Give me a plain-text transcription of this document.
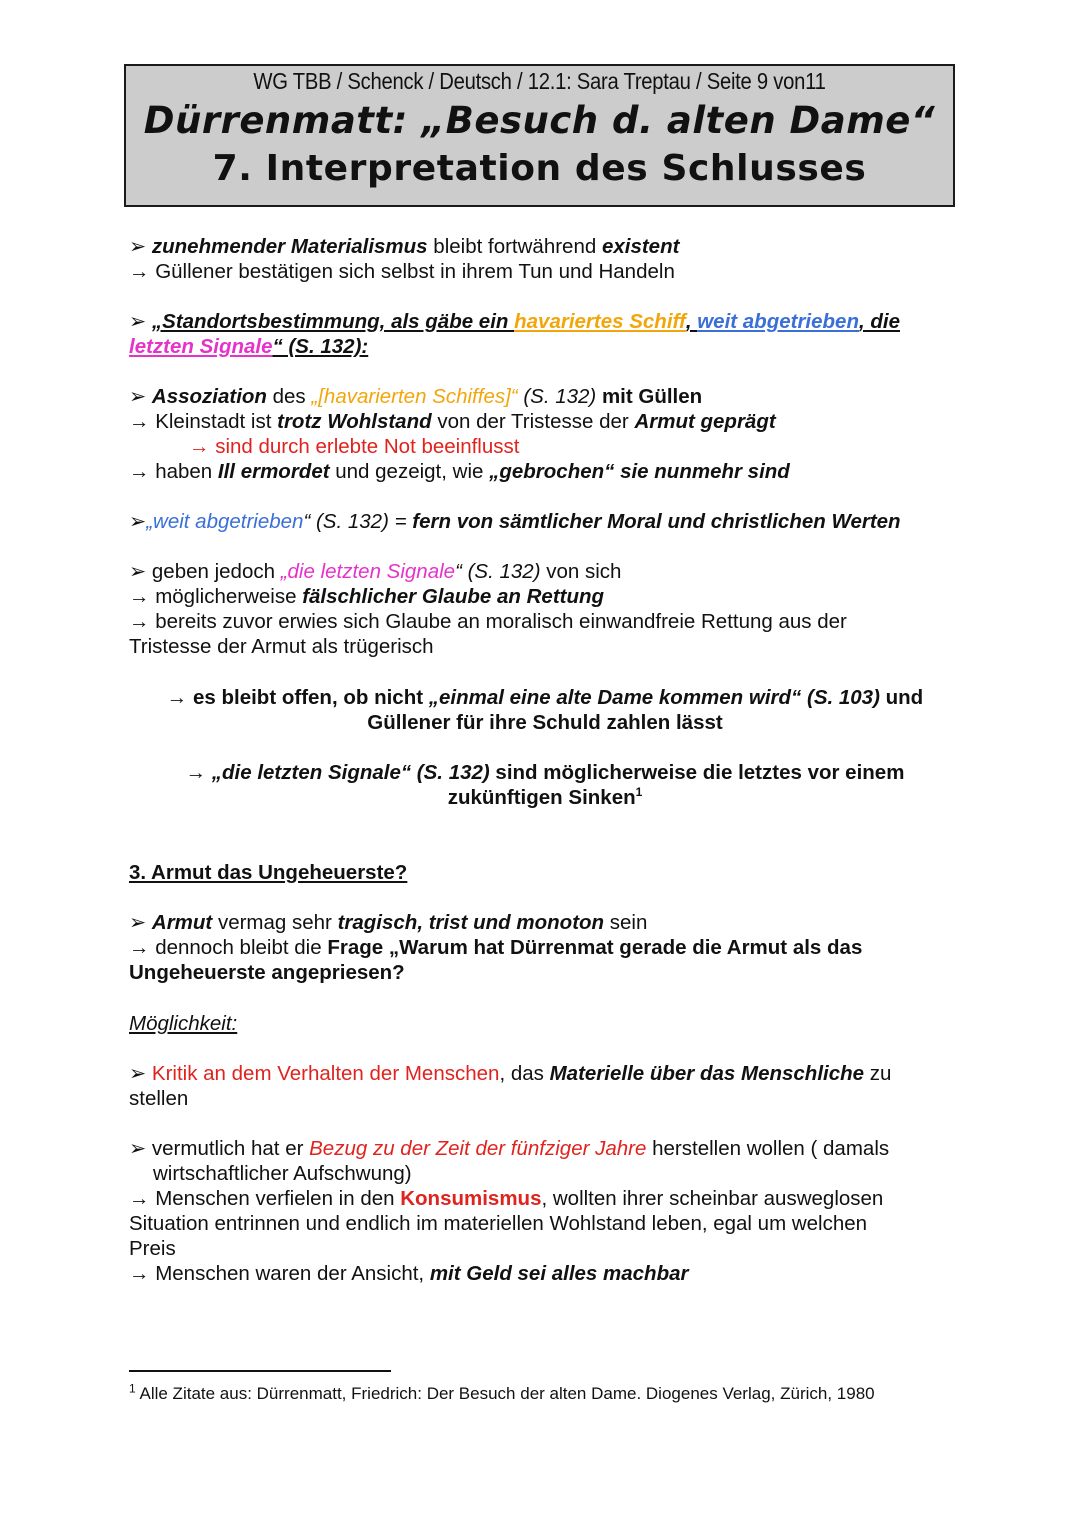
WG TBB / Schenck / Deutsch / 12.1: Sara Treptau / Seite 9 von11
Dürrenmatt: „Besuch d. alten Dame“
7. Interpretation des Schlusses
➢ zunehmender Materialismus bleibt fortwährend existent
→ Güllener bestätigen sich selbst in ihrem Tun und Handeln
➢ „Standortsbestimmung, als gäbe ein havariertes Schiff, weit abgetrieben, die
letzten Signale“ (S. 132):
➢ Assoziation des „[havarierten Schiffes]“ (S. 132) mit Güllen
→ Kleinstadt ist trotz Wohlstand von der Tristesse der Armut geprägt
→ sind durch erlebte Not beeinflusst
→ haben Ill ermordet und gezeigt, wie „gebrochen“ sie nunmehr sind
➢„weit abgetrieben“ (S. 132) = fern von sämtlicher Moral und christlichen Werten
➢ geben jedoch „die letzten Signale“ (S. 132) von sich
→ möglicherweise fälschlicher Glaube an Rettung
→ bereits zuvor erwies sich Glaube an moralisch einwandfreie Rettung aus der Tristesse der Armut als trügerisch
→ es bleibt offen, ob nicht „einmal eine alte Dame kommen wird“ (S. 103) und Güllener für ihre Schuld zahlen lässt
→ „die letzten Signale“ (S. 132) sind möglicherweise die letztes vor einem zukünftigen Sinken$^1$
3. Armut das Ungeheuerste?
➢ Armut vermag sehr tragisch, trist und monoton sein
→ dennoch bleibt die Frage „Warum hat Dürrenmat gerade die Armut als das Ungeheuerste angepriesen?
Möglichkeit:
➢ Kritik an dem Verhalten der Menschen, das Materielle über das Menschliche zu stellen
➢ vermutlich hat er Bezug zu der Zeit der fünfziger Jahre herstellen wollen ( damals wirtschaftlicher Aufschwung)
→ Menschen verfielen in den Konsumismus, wollten ihrer scheinbar ausweglosen Situation entrinnen und endlich im materiellen Wohlstand leben, egal um welchen Preis
→ Menschen waren der Ansicht, mit Geld sei alles machbar
$^1$ Alle Zitate aus: Dürrenmatt, Friedrich: Der Besuch der alten Dame. Diogenes Verlag, Zürich, 1980
